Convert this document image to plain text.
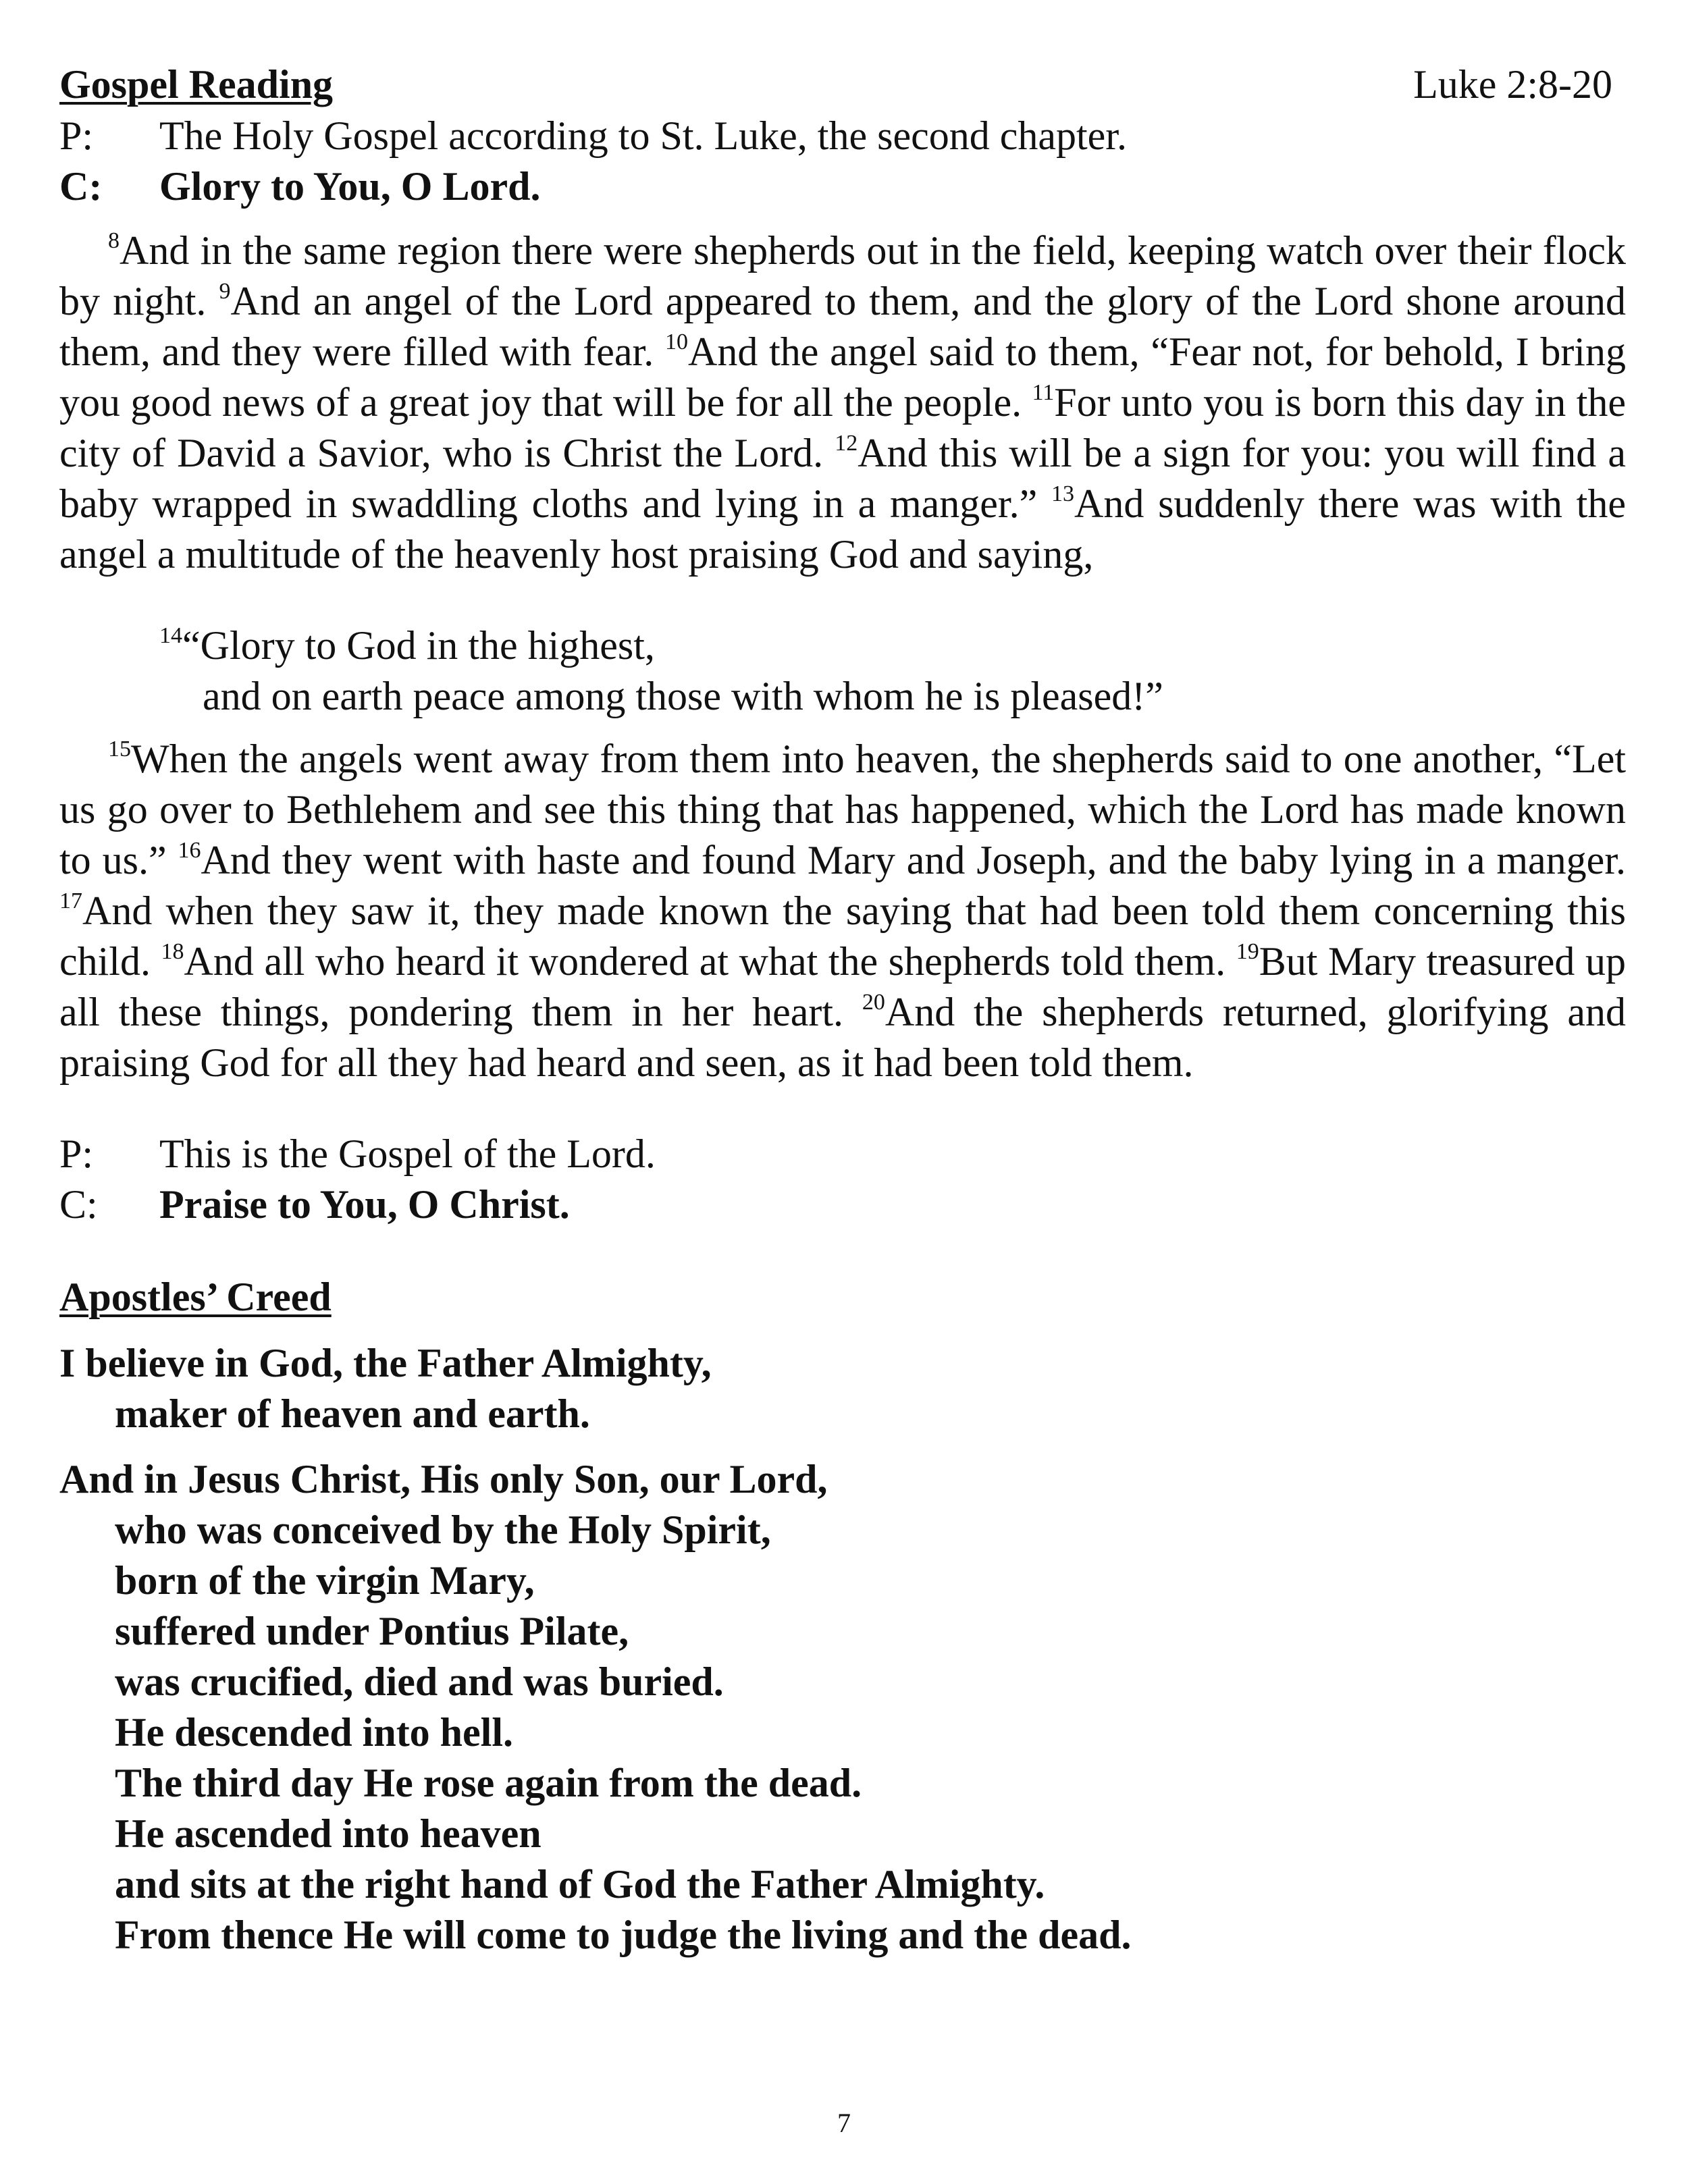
Gospel Reading	Luke 2:8-20
P:	The Holy Gospel according to St. Luke, the second chapter.
C:	Glory to You, O Lord.

$^8$And in the same region there were shepherds out in the field, keeping watch over their flock by night. $^9$And an angel of the Lord appeared to them, and the glory of the Lord shone around them, and they were filled with fear. $^{10}$And the angel said to them, “Fear not, for behold, I bring you good news of a great joy that will be for all the people. $^{11}$For unto you is born this day in the city of David a Savior, who is Christ the Lord. $^{12}$And this will be a sign for you: you will find a baby wrapped in swaddling cloths and lying in a manger.” $^{13}$And suddenly there was with the angel a multitude of the heavenly host praising God and saying,

$^{14}$“Glory to God in the highest,
and on earth peace among those with whom he is pleased!”

$^{15}$When the angels went away from them into heaven, the shepherds said to one another, “Let us go over to Bethlehem and see this thing that has happened, which the Lord has made known to us.” $^{16}$And they went with haste and found Mary and Joseph, and the baby lying in a manger. $^{17}$And when they saw it, they made known the saying that had been told them concerning this child. $^{18}$And all who heard it wondered at what the shepherds told them. $^{19}$But Mary treasured up all these things, pondering them in her heart. $^{20}$And the shepherds returned, glorifying and praising God for all they had heard and seen, as it had been told them.

P:	This is the Gospel of the Lord.
C:	Praise to You, O Christ.
Apostles’ Creed
I believe in God, the Father Almighty,
maker of heaven and earth.
And in Jesus Christ, His only Son, our Lord,
who was conceived by the Holy Spirit,
born of the virgin Mary,
suffered under Pontius Pilate,
was crucified, died and was buried.
He descended into hell.
The third day He rose again from the dead.
He ascended into heaven
and sits at the right hand of God the Father Almighty.
From thence He will come to judge the living and the dead.
7
